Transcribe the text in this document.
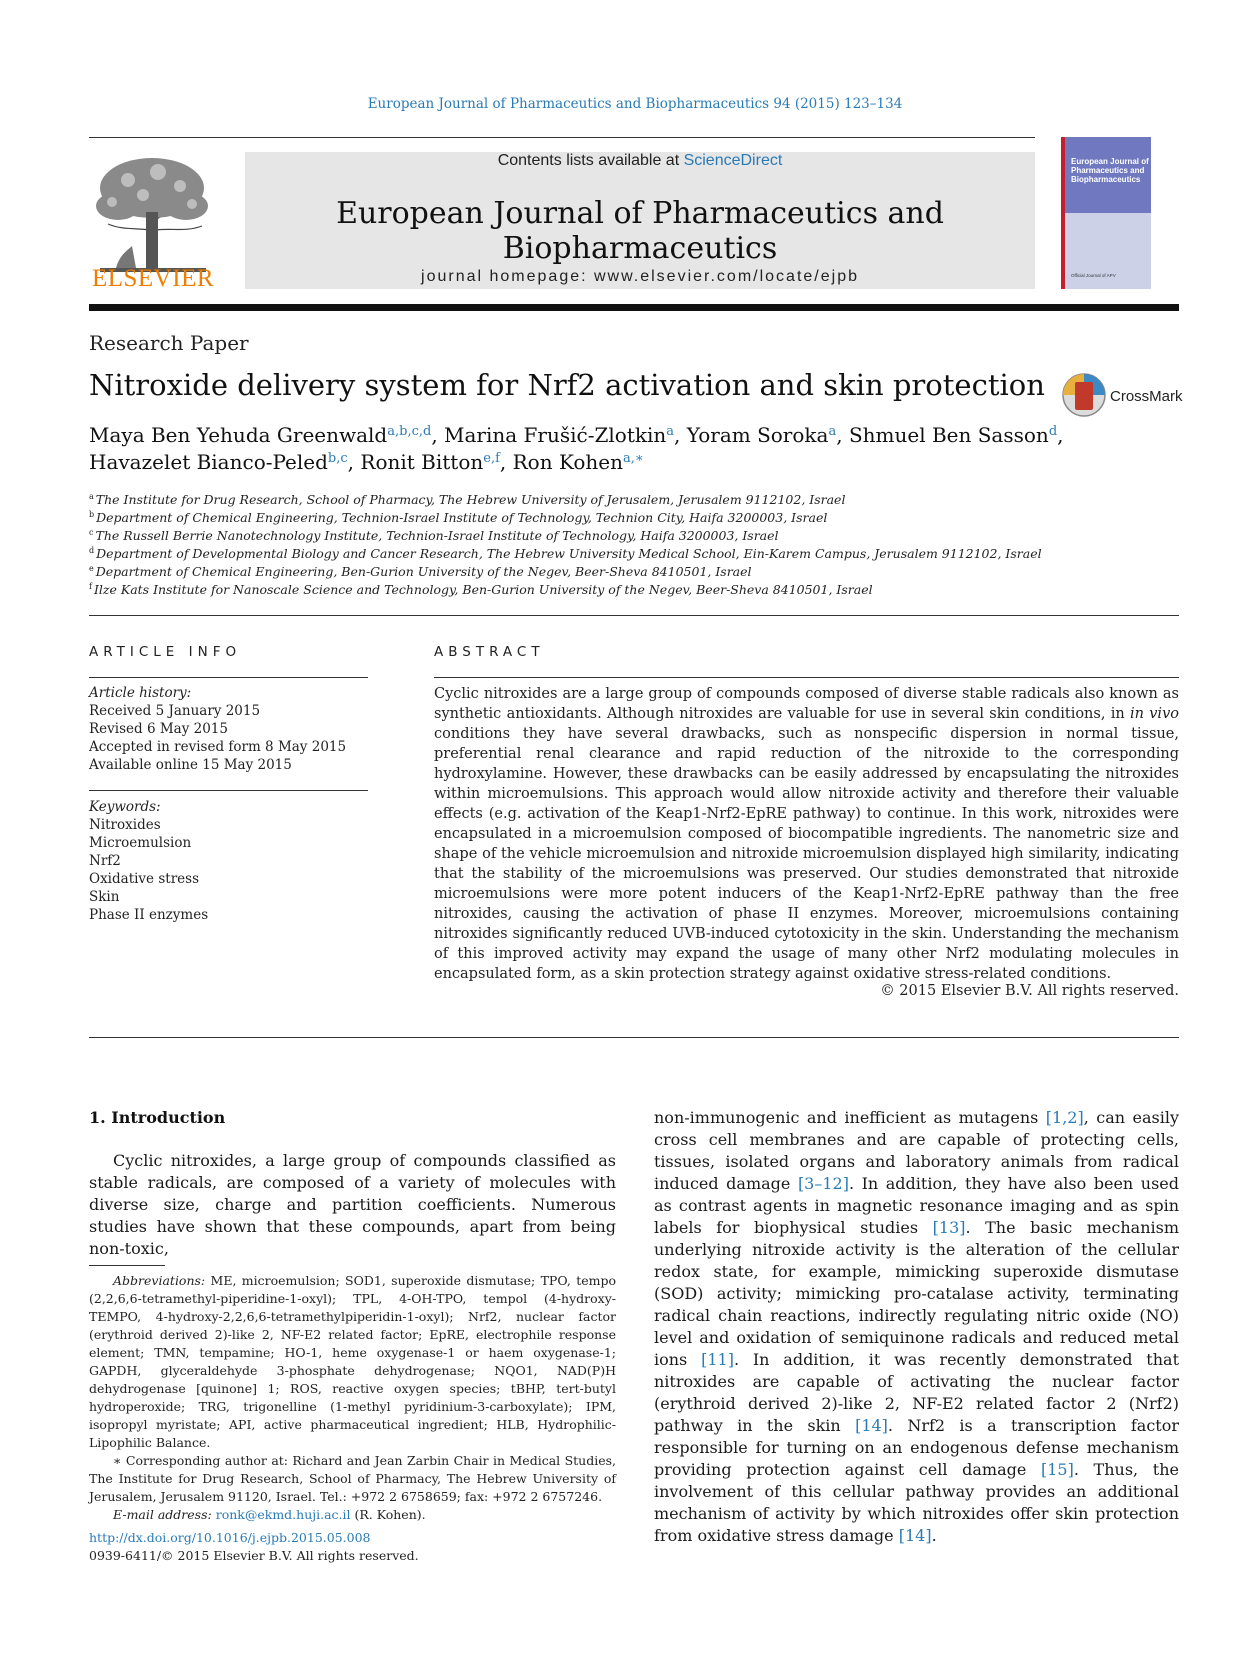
European Journal of Pharmaceutics and Biopharmaceutics 94 (2015) 123–134
ELSEVIER
Contents lists available at ScienceDirect
European Journal of Pharmaceutics and Biopharmaceutics
journal homepage: www.elsevier.com/locate/ejpb
European Journal of Pharmaceutics and Biopharmaceutics
Official Journal of APV
Research Paper
Nitroxide delivery system for Nrf2 activation and skin protection	CrossMark
Maya Ben Yehuda Greenwald$^{a,b,c,d}$, Marina Frušić-Zlotkin$^a$, Yoram Soroka$^a$, Shmuel Ben Sasson$^d$,
Havazelet Bianco-Peled$^{b,c}$, Ronit Bitton$^{e,f}$, Ron Kohen$^{a,∗}$
$^a$ The Institute for Drug Research, School of Pharmacy, The Hebrew University of Jerusalem, Jerusalem 9112102, Israel
$^b$ Department of Chemical Engineering, Technion-Israel Institute of Technology, Technion City, Haifa 3200003, Israel
$^c$ The Russell Berrie Nanotechnology Institute, Technion-Israel Institute of Technology, Haifa 3200003, Israel
$^d$ Department of Developmental Biology and Cancer Research, The Hebrew University Medical School, Ein-Karem Campus, Jerusalem 9112102, Israel
$^e$ Department of Chemical Engineering, Ben-Gurion University of the Negev, Beer-Sheva 8410501, Israel
$^f$ Ilze Kats Institute for Nanoscale Science and Technology, Ben-Gurion University of the Negev, Beer-Sheva 8410501, Israel
ARTICLE INFO
Article history:
Received 5 January 2015
Revised 6 May 2015
Accepted in revised form 8 May 2015
Available online 15 May 2015
Keywords:
Nitroxides
Microemulsion
Nrf2
Oxidative stress
Skin
Phase II enzymes
ABSTRACT
Cyclic nitroxides are a large group of compounds composed of diverse stable radicals also known as synthetic antioxidants. Although nitroxides are valuable for use in several skin conditions, in in vivo conditions they have several drawbacks, such as nonspecific dispersion in normal tissue, preferential renal clearance and rapid reduction of the nitroxide to the corresponding hydroxylamine. However, these drawbacks can be easily addressed by encapsulating the nitroxides within microemulsions. This approach would allow nitroxide activity and therefore their valuable effects (e.g. activation of the Keap1-Nrf2-EpRE pathway) to continue. In this work, nitroxides were encapsulated in a microemulsion composed of biocompatible ingredients. The nanometric size and shape of the vehicle microemulsion and nitroxide microemulsion displayed high similarity, indicating that the stability of the microemulsions was preserved. Our studies demonstrated that nitroxide microemulsions were more potent inducers of the Keap1-Nrf2-EpRE pathway than the free nitroxides, causing the activation of phase II enzymes. Moreover, microemulsions containing nitroxides significantly reduced UVB-induced cytotoxicity in the skin. Understanding the mechanism of this improved activity may expand the usage of many other Nrf2 modulating molecules in encapsulated form, as a skin protection strategy against oxidative stress-related conditions.
© 2015 Elsevier B.V. All rights reserved.
1. Introduction
Cyclic nitroxides, a large group of compounds classified as stable radicals, are composed of a variety of molecules with diverse size, charge and partition coefficients. Numerous studies have shown that these compounds, apart from being non-toxic,
non-immunogenic and inefficient as mutagens [1,2], can easily cross cell membranes and are capable of protecting cells, tissues, isolated organs and laboratory animals from radical induced damage [3–12]. In addition, they have also been used as contrast agents in magnetic resonance imaging and as spin labels for biophysical studies [13]. The basic mechanism underlying nitroxide activity is the alteration of the cellular redox state, for example, mimicking superoxide dismutase (SOD) activity; mimicking pro-catalase activity, terminating radical chain reactions, indirectly regulating nitric oxide (NO) level and oxidation of semiquinone radicals and reduced metal ions [11]. In addition, it was recently demonstrated that nitroxides are capable of activating the nuclear factor (erythroid derived 2)-like 2, NF-E2 related factor 2 (Nrf2) pathway in the skin [14]. Nrf2 is a transcription factor responsible for turning on an endogenous defense mechanism providing protection against cell damage [15]. Thus, the involvement of this cellular pathway provides an additional mechanism of activity by which nitroxides offer skin protection from oxidative stress damage [14].
Abbreviations: ME, microemulsion; SOD1, superoxide dismutase; TPO, tempo (2,2,6,6-tetramethyl-piperidine-1-oxyl); TPL, 4-OH-TPO, tempol (4-hydroxy-TEMPO, 4-hydroxy-2,2,6,6-tetramethylpiperidin-1-oxyl); Nrf2, nuclear factor (erythroid derived 2)-like 2, NF-E2 related factor; EpRE, electrophile response element; TMN, tempamine; HO-1, heme oxygenase-1 or haem oxygenase-1; GAPDH, glyceraldehyde 3-phosphate dehydrogenase; NQO1, NAD(P)H dehydrogenase [quinone] 1; ROS, reactive oxygen species; tBHP, tert-butyl hydroperoxide; TRG, trigonelline (1-methyl pyridinium-3-carboxylate); IPM, isopropyl myristate; API, active pharmaceutical ingredient; HLB, Hydrophilic-Lipophilic Balance.
∗ Corresponding author at: Richard and Jean Zarbin Chair in Medical Studies, The Institute for Drug Research, School of Pharmacy, The Hebrew University of Jerusalem, Jerusalem 91120, Israel. Tel.: +972 2 6758659; fax: +972 2 6757246.
E-mail address: ronk@ekmd.huji.ac.il (R. Kohen).
http://dx.doi.org/10.1016/j.ejpb.2015.05.008
0939-6411/© 2015 Elsevier B.V. All rights reserved.
